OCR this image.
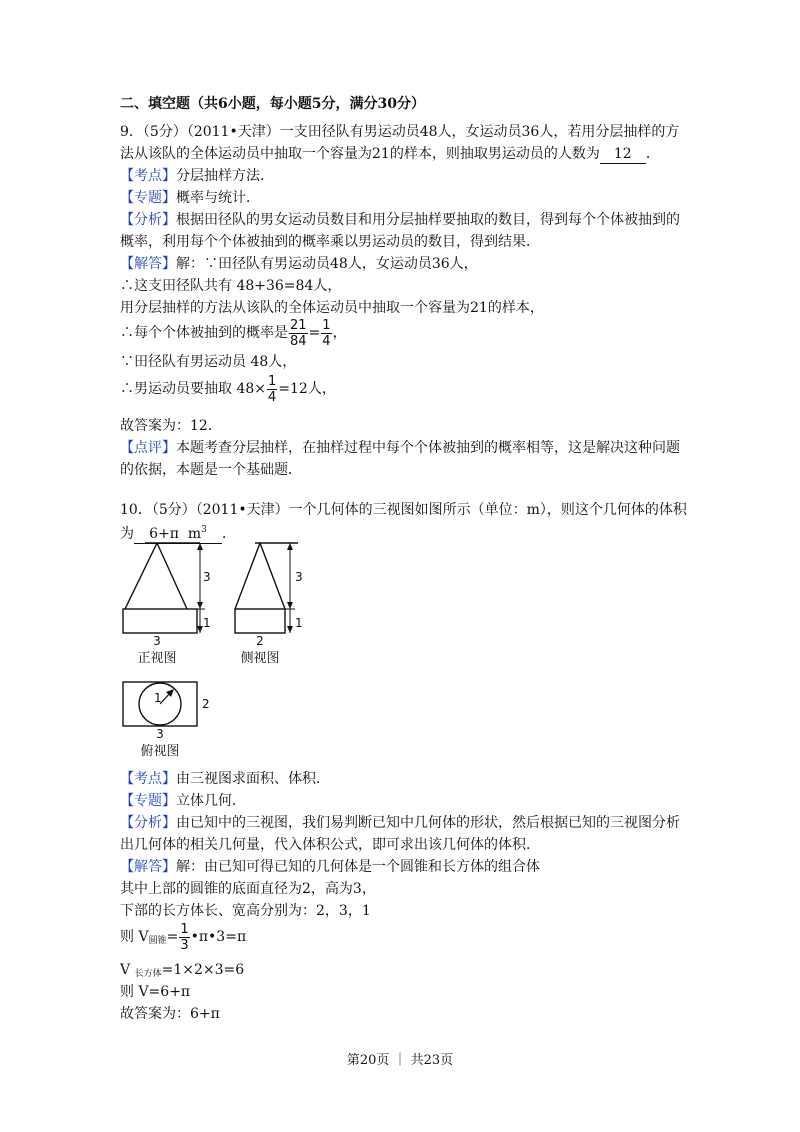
二、填空题（共6小题，每小题5分，满分30分）
9．（5分）（2011•天津）一支田径队有男运动员48人，女运动员36人，若用分层抽样的方
法从该队的全体运动员中抽取一个容量为21的样本，则抽取男运动员的人数为 12 ．
【考点】分层抽样方法．
【专题】概率与统计．
【分析】根据田径队的男女运动员数目和用分层抽样要抽取的数目，得到每个个体被抽到的
概率，利用每个个体被抽到的概率乘以男运动员的数目，得到结果．
【解答】解：∵田径队有男运动员48人，女运动员36人，
∴这支田径队共有 48+36=84人，
用分层抽样的方法从该队的全体运动员中抽取一个容量为21的样本，
∴每个个体被抽到的概率是 $\frac{21}{84} = \frac{1}{4}$ ，
∵田径队有男运动员 48人，
∴男运动员要抽取 $48\times \frac{1}{4} =12$人，
故答案为：12．
【点评】本题考查分层抽样，在抽样过程中每个个体被抽到的概率相等，这是解决这种问题
的依据，本题是一个基础题．
10．（5分）（2011•天津）一个几何体的三视图如图所示（单位：m），则这个几何体的体积
为 6+π $m^3$ ．
3
1
3
正视图
3
1
2
侧视图
1	2
3
俯视图
【考点】由三视图求面积、体积．
【专题】立体几何．
【分析】由已知中的三视图，我们易判断已知中几何体的形状，然后根据已知的三视图分析
出几何体的相关几何量，代入体积公式，即可求出该几何体的体积．
【解答】解：由已知可得已知的几何体是一个圆锥和长方体的组合体
其中上部的圆锥的底面直径为2，高为3，
下部的长方体长、宽高分别为：2，3，1
则 $V_{圆锥}= \frac{1}{3}$ •π•3=π
V $_{长方体}$=1×2×3=6
则 V=6+π
故答案为：6+π
第20页 ｜ 共23页
